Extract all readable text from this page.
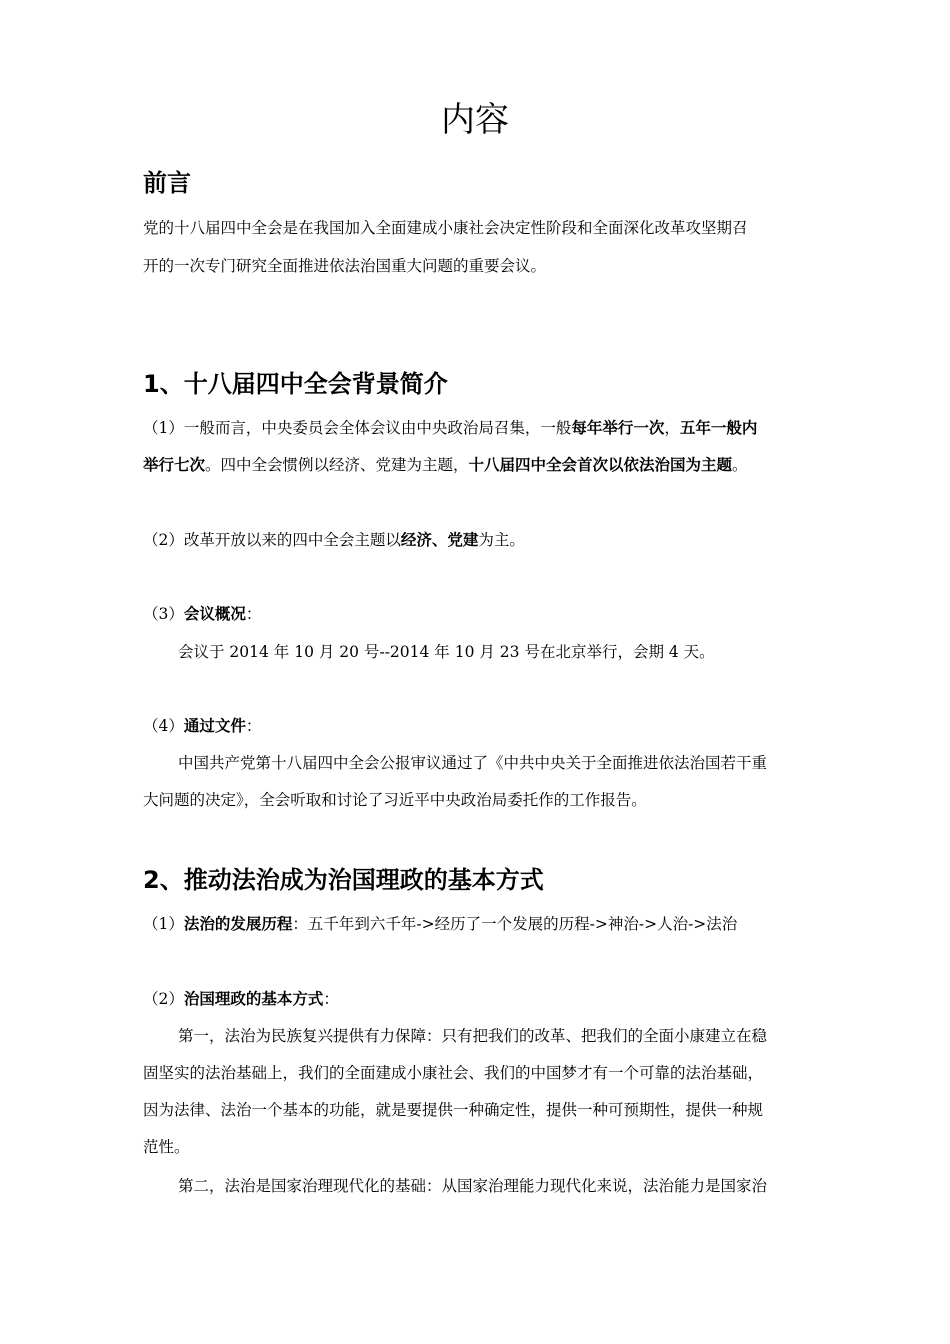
内容
前言

党的十八届四中全会是在我国加入全面建成小康社会决定性阶段和全面深化改革攻坚期召

开的一次专门研究全面推进依法治国重大问题的重要会议。

1、十八届四中全会背景简介

（1）一般而言，中央委员会全体会议由中央政治局召集，一般每年举行一次，五年一般内

举行七次。四中全会惯例以经济、党建为主题，十八届四中全会首次以依法治国为主题。

（2）改革开放以来的四中全会主题以经济、党建为主。

（3）会议概况：

会议于 2014 年 10 月 20 号--2014 年 10 月 23 号在北京举行，会期 4 天。

（4）通过文件：

中国共产党第十八届四中全会公报审议通过了《中共中央关于全面推进依法治国若干重

大问题的决定》，全会听取和讨论了习近平中央政治局委托作的工作报告。

2、推动法治成为治国理政的基本方式

（1）法治的发展历程：五千年到六千年->经历了一个发展的历程->神治->人治->法治

（2）治国理政的基本方式：

第一，法治为民族复兴提供有力保障：只有把我们的改革、把我们的全面小康建立在稳

固坚实的法治基础上，我们的全面建成小康社会、我们的中国梦才有一个可靠的法治基础，

因为法律、法治一个基本的功能，就是要提供一种确定性，提供一种可预期性，提供一种规

范性。

第二，法治是国家治理现代化的基础：从国家治理能力现代化来说，法治能力是国家治
